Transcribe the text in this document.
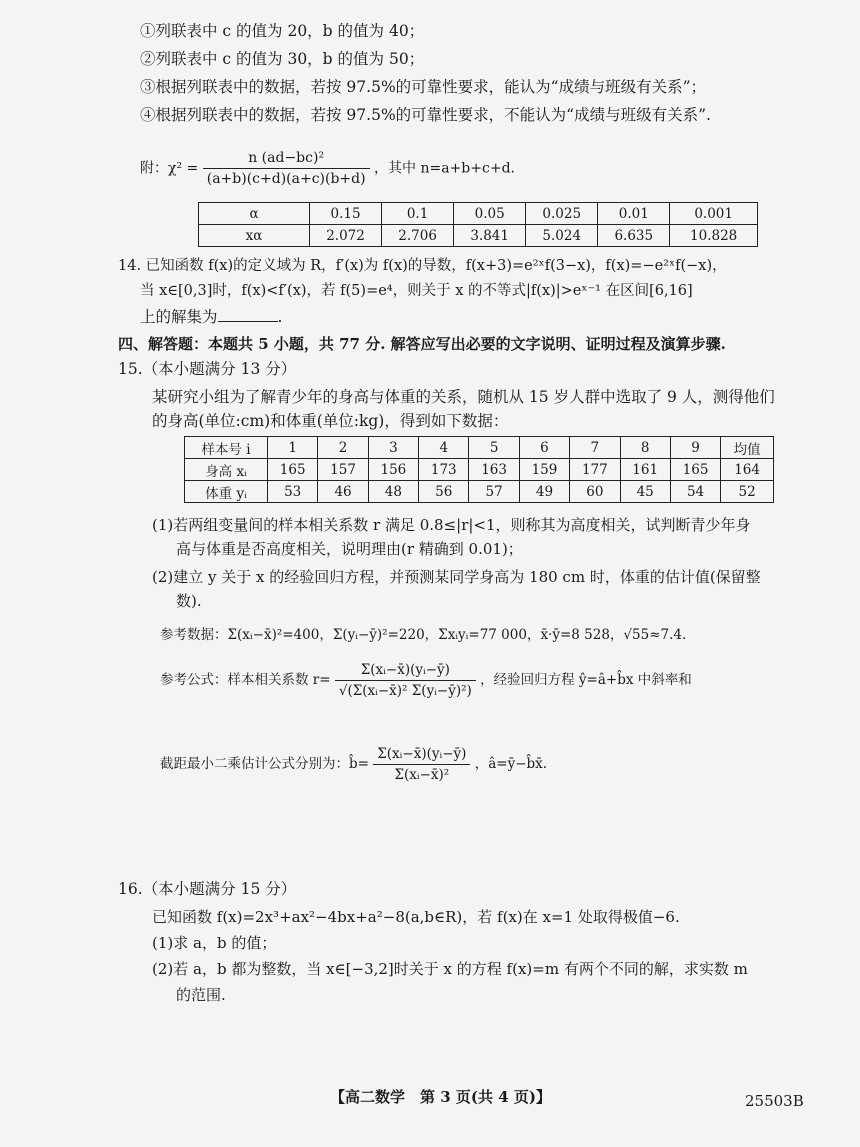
①列联表中 c 的值为 20，b 的值为 40；
②列联表中 c 的值为 30，b 的值为 50；
③根据列联表中的数据，若按 97.5%的可靠性要求，能认为“成绩与班级有关系”；
④根据列联表中的数据，若按 97.5%的可靠性要求，不能认为“成绩与班级有关系”.
附：$\chi^2 = \frac{\text{n (ad−bc)²}}{(a+b)(c+d)(a+c)(b+d)}$ ，其中 n=a+b+c+d.
α	0.15	0.1	0.05	0.025	0.01	0.001
xα	2.072	2.706	3.841	5.024	6.635	10.828
14. 已知函数 f(x)的定义域为 R，f′(x)为 f(x)的导数，f(x+3)=e²ˣf(3−x)，f(x)=−e²ˣf(−x)，
当 x∈[0,3]时，f(x)<f′(x)，若 f(5)=e⁴，则关于 x 的不等式|f(x)|>eˣ⁻¹ 在区间[6,16]
上的解集为	.
四、解答题：本题共 5 小题，共 77 分. 解答应写出必要的文字说明、证明过程及演算步骤.
15.（本小题满分 13 分）
某研究小组为了解青少年的身高与体重的关系，随机从 15 岁人群中选取了 9 人，测得他们
的身高(单位:cm)和体重(单位:kg)，得到如下数据：
样本号 i	1	2	3	4	5	6	7	8	9	均值
身高 xᵢ	165	157	156	173	163	159	177	161	165	164
体重 yᵢ	53	46	48	56	57	49	60	45	54	52
(1)若两组变量间的样本相关系数 r 满足 0.8≤|r|<1，则称其为高度相关，试判断青少年身
高与体重是否高度相关，说明理由(r 精确到 0.01)；
(2)建立 y 关于 x 的经验回归方程，并预测某同学身高为 180 cm 时，体重的估计值(保留整
数).
参考数据：Σ(xᵢ−x̄)²=400，Σ(yᵢ−ȳ)²=220，Σxᵢyᵢ=77 000，x̄·ȳ=8 528，√55≈7.4.
参考公式：样本相关系数 $r= \frac{\text{Σ(xᵢ−x̄)(yᵢ−ȳ)}}{\text{√(Σ(xᵢ−x̄)² Σ(yᵢ−ȳ)²)}}$ ，经验回归方程 ŷ=â+b̂x 中斜率和
截距最小二乘估计公式分别为：b̂= $\frac{\text{Σ(xᵢ−x̄)(yᵢ−ȳ)}}{\text{Σ(xᵢ−x̄)²}}$ ，â=ȳ−b̂x̄.
16.（本小题满分 15 分）
已知函数 f(x)=2x³+ax²−4bx+a²−8(a,b∈R)，若 f(x)在 x=1 处取得极值−6.
(1)求 a，b 的值；
(2)若 a，b 都为整数，当 x∈[−3,2]时关于 x 的方程 f(x)=m 有两个不同的解，求实数 m
的范围.
【高二数学　第 3 页(共 4 页)】	25503B
